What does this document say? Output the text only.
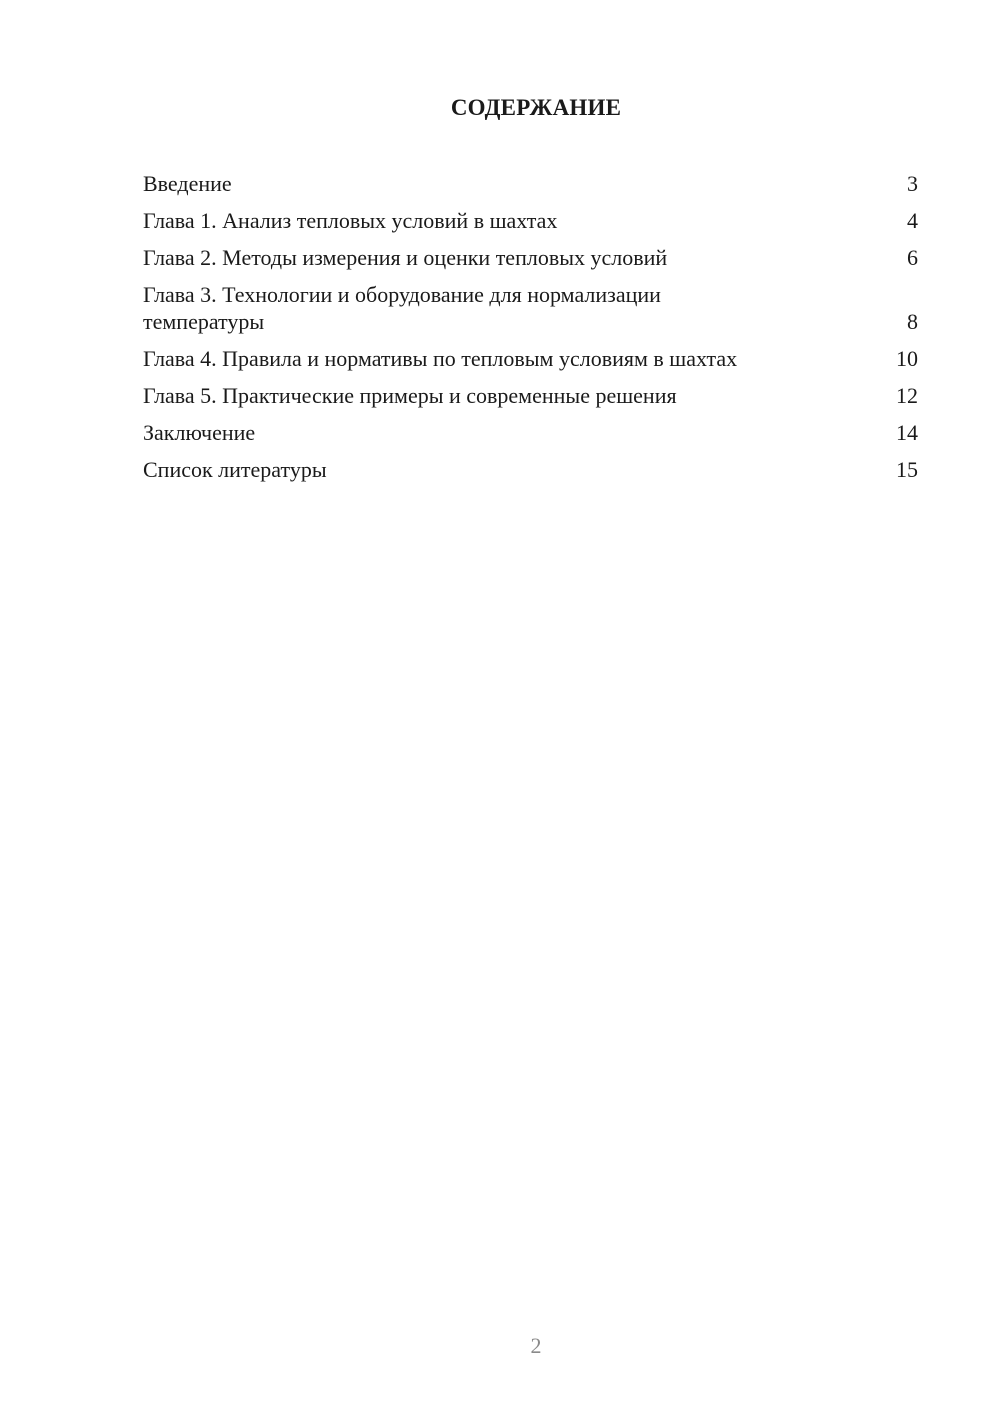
СОДЕРЖАНИЕ
Введение	3
Глава 1. Анализ тепловых условий в шахтах	4
Глава 2. Методы измерения и оценки тепловых условий	6
Глава 3. Технологии и оборудование для нормализации температуры	8
Глава 4. Правила и нормативы по тепловым условиям в шахтах	10
Глава 5. Практические примеры и современные решения	12
Заключение	14
Список литературы	15
2
